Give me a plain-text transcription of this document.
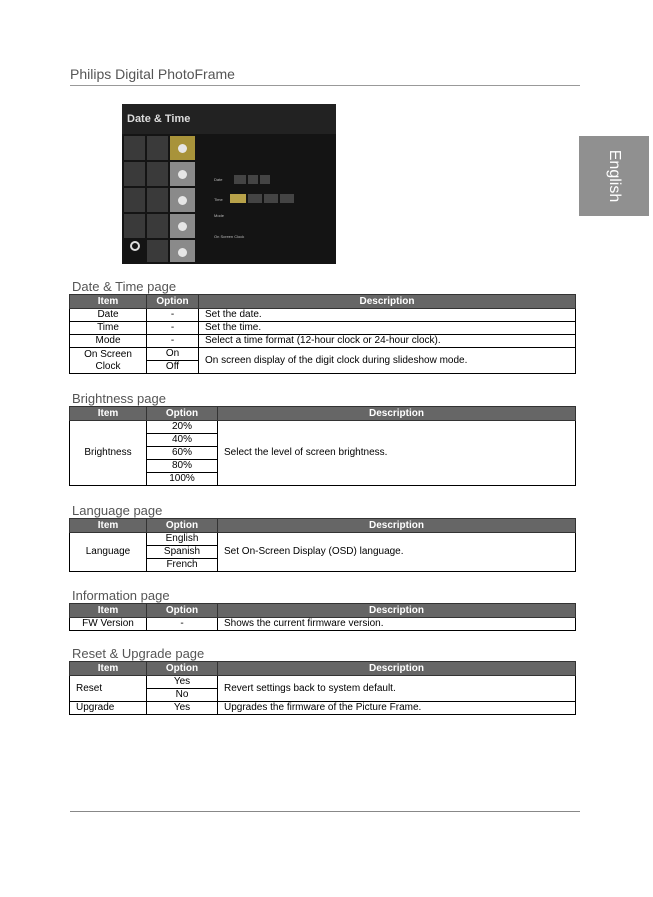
Philips Digital PhotoFrame
English
Date & Time
Date
Time
Mode
On Screen Clock
Date & Time page
Item	Option	Description
Date	-	Set the date.
Time	-	Set the time.
Mode	-	Select a time format (12-hour clock or 24-hour clock).
On Screen Clock	On	On screen display of the digit clock during slideshow mode.
	Off	
Brightness page
Item	Option	Description
Brightness	20%	Select the level of screen brightness.
	40%	
	60%	
	80%	
	100%	
Language page
Item	Option	Description
Language	English	Set On-Screen Display (OSD) language.
	Spanish	
	French	
Information page
Item	Option	Description
FW Version	-	Shows the current firmware version.
Reset & Upgrade page
Item	Option	Description
Reset	Yes	Revert settings back to system default.
	No	
Upgrade	Yes	Upgrades the firmware of the Picture Frame.
